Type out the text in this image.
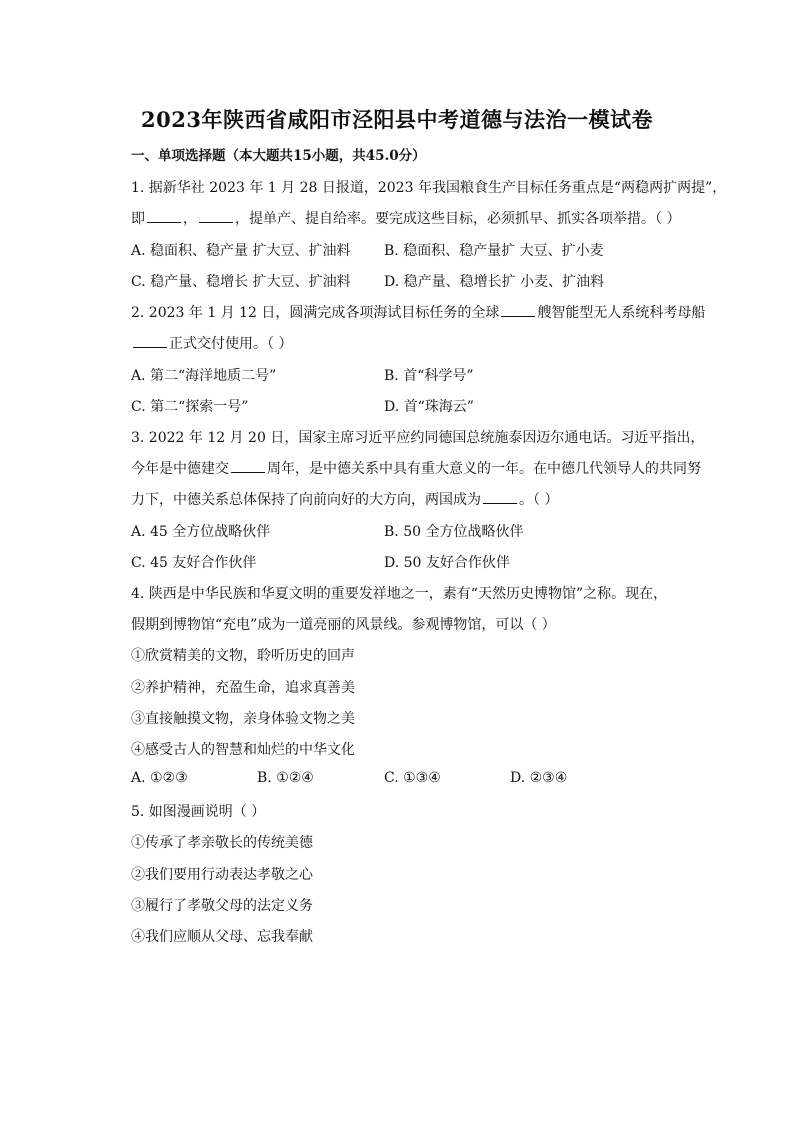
2023年陕西省咸阳市泾阳县中考道德与法治一模试卷
一、单项选择题（本大题共15小题，共45.0分）
1. 据新华社 2023 年 1 月 28 日报道，2023 年我国粮食生产目标任务重点是“两稳两扩两提”，
即	，	，提单产、提自给率。要完成这些目标，必须抓早、抓实各项举措。（ ）
A. 稳面积、稳产量 扩大豆、扩油料 B. 稳面积、稳产量扩 大豆、扩小麦
C. 稳产量、稳增长 扩大豆、扩油料 D. 稳产量、稳增长扩 小麦、扩油料
2. 2023 年 1 月 12 日，圆满完成各项海试目标任务的全球	艘智能型无人系统科考母船
正式交付使用。（ ）
A. 第二“海洋地质二号”	B. 首“科学号”
C. 第二“探索一号”	D. 首“珠海云”
3. 2022 年 12 月 20 日，国家主席习近平应约同德国总统施泰因迈尔通电话。习近平指出，
今年是中德建交	周年，是中德关系中具有重大意义的一年。在中德几代领导人的共同努
力下，中德关系总体保持了向前向好的大方向，两国成为	。（ ）
A. 45 全方位战略伙伴	B. 50 全方位战略伙伴
C. 45 友好合作伙伴	D. 50 友好合作伙伴
4. 陕西是中华民族和华夏文明的重要发祥地之一，素有“天然历史博物馆”之称。现在，
假期到博物馆“充电”成为一道亮丽的风景线。参观博物馆，可以（ ）
①欣赏精美的文物，聆听历史的回声
②养护精神，充盈生命，追求真善美
③直接触摸文物，亲身体验文物之美
④感受古人的智慧和灿烂的中华文化
A. ①②③	B. ①②④	C. ①③④	D. ②③④
5. 如图漫画说明（ ）
①传承了孝亲敬长的传统美德
②我们要用行动表达孝敬之心
③履行了孝敬父母的法定义务
④我们应顺从父母、忘我奉献
